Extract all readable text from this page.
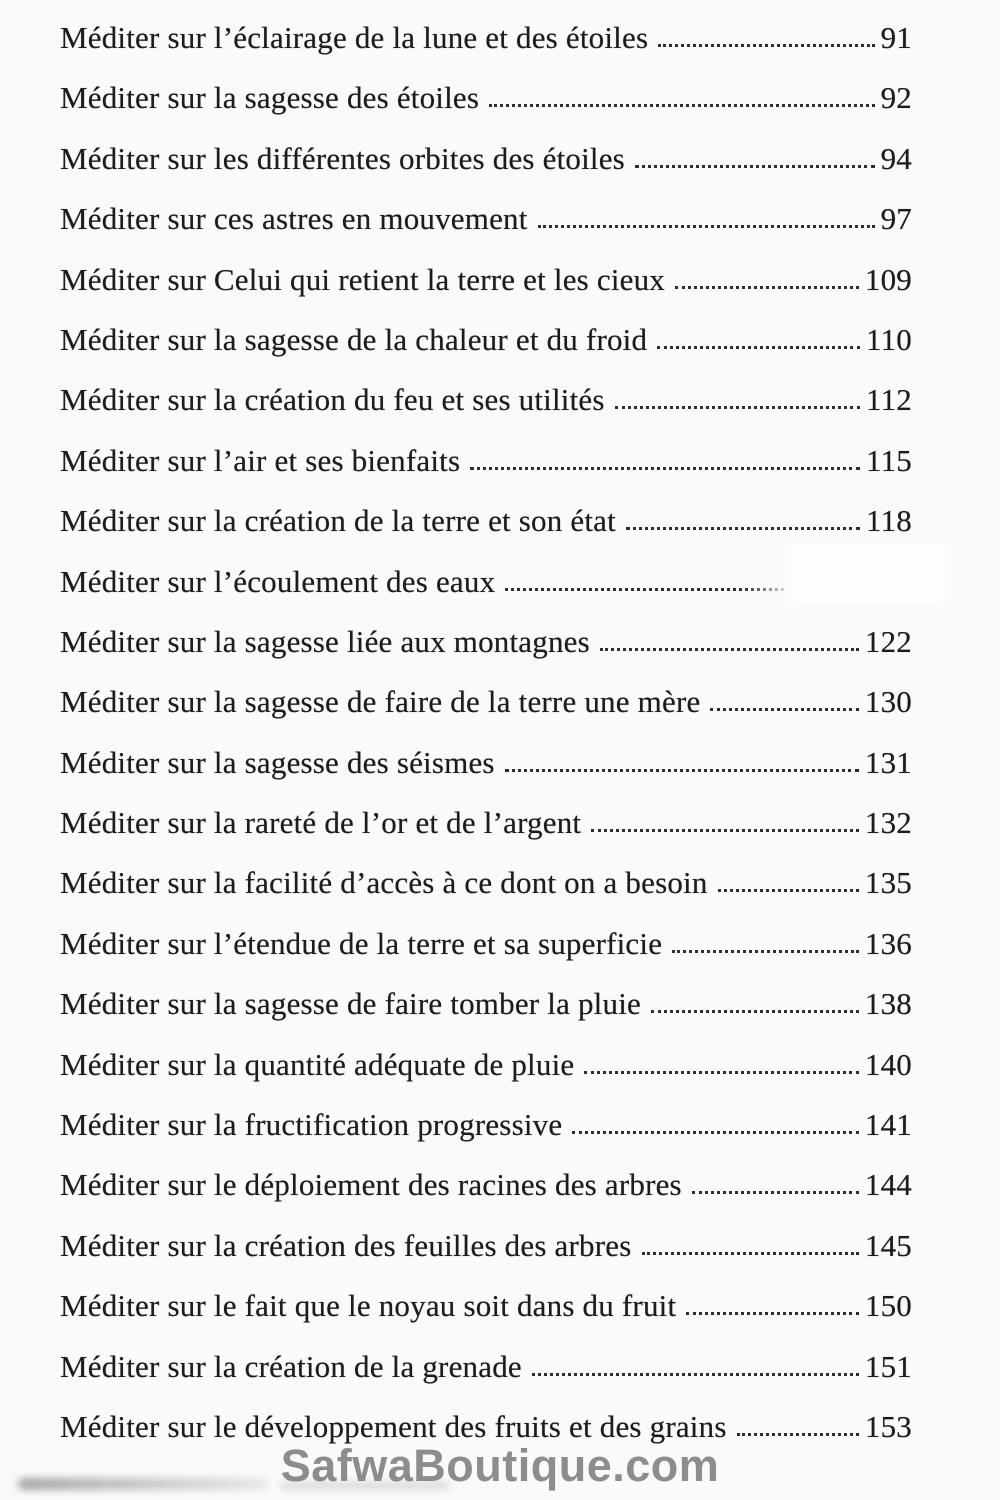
Méditer sur l’éclairage de la lune et des étoiles	91
Méditer sur la sagesse des étoiles	92
Méditer sur les différentes orbites des étoiles	94
Méditer sur ces astres en mouvement	97
Méditer sur Celui qui retient la terre et les cieux	109
Méditer sur la sagesse de la chaleur et du froid	110
Méditer sur la création du feu et ses utilités	112
Méditer sur l’air et ses bienfaits	115
Méditer sur la création de la terre et son état	118
Méditer sur l’écoulement des eaux
Méditer sur la sagesse liée aux montagnes	122
Méditer sur la sagesse de faire de la terre une mère	130
Méditer sur la sagesse des séismes	131
Méditer sur la rareté de l’or et de l’argent	132
Méditer sur la facilité d’accès à ce dont on a besoin	135
Méditer sur l’étendue de la terre et sa superficie	136
Méditer sur la sagesse de faire tomber la pluie	138
Méditer sur la quantité adéquate de pluie	140
Méditer sur la fructification progressive	141
Méditer sur le déploiement des racines des arbres	144
Méditer sur la création des feuilles des arbres	145
Méditer sur le fait que le noyau soit dans du fruit	150
Méditer sur la création de la grenade	151
Méditer sur le développement des fruits et des grains	153
SafwaBoutique.com
